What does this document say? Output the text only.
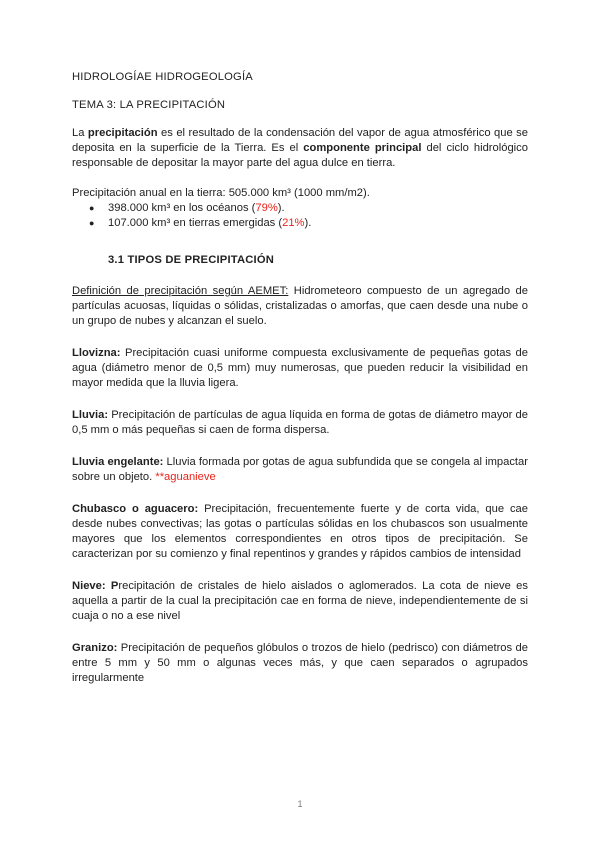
HIDROLOGÍAE HIDROGEOLOGÍA

TEMA 3: LA PRECIPITACIÓN

La precipitación es el resultado de la condensación del vapor de agua atmosférico que se deposita en la superficie de la Tierra. Es el componente principal del ciclo hidrológico responsable de depositar la mayor parte del agua dulce en tierra.

Precipitación anual en la tierra: 505.000 km³ (1000 mm/m2).

● 398.000 km³ en los océanos (79%).
● 107.000 km³ en tierras emergidas (21%).

3.1 TIPOS DE PRECIPITACIÓN

Definición de precipitación según AEMET: Hidrometeoro compuesto de un agregado de partículas acuosas, líquidas o sólidas, cristalizadas o amorfas, que caen desde una nube o un grupo de nubes y alcanzan el suelo.

Llovizna: Precipitación cuasi uniforme compuesta exclusivamente de pequeñas gotas de agua (diámetro menor de 0,5 mm) muy numerosas, que pueden reducir la visibilidad en mayor medida que la lluvia ligera.

Lluvia: Precipitación de partículas de agua líquida en forma de gotas de diámetro mayor de 0,5 mm o más pequeñas si caen de forma dispersa.

Lluvia engelante: Lluvia formada por gotas de agua subfundida que se congela al impactar sobre un objeto. **aguanieve

Chubasco o aguacero: Precipitación, frecuentemente fuerte y de corta vida, que cae desde nubes convectivas; las gotas o partículas sólidas en los chubascos son usualmente mayores que los elementos correspondientes en otros tipos de precipitación. Se caracterizan por su comienzo y final repentinos y grandes y rápidos cambios de intensidad

Nieve: Precipitación de cristales de hielo aislados o aglomerados. La cota de nieve es aquella a partir de la cual la precipitación cae en forma de nieve, independientemente de si cuaja o no a ese nivel

Granizo: Precipitación de pequeños glóbulos o trozos de hielo (pedrisco) con diámetros de entre 5 mm y 50 mm o algunas veces más, y que caen separados o agrupados irregularmente

1
